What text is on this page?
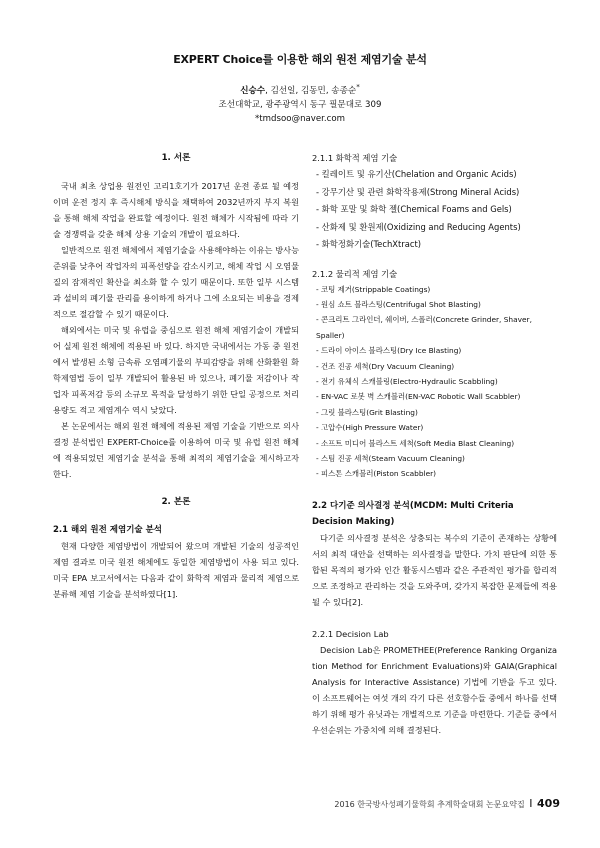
EXPERT Choice를 이용한 해외 원전 제염기술 분석
신승수, 김선일, 김동민, 송종순*
조선대학교, 광주광역시 동구 필문대로 309
*tmdsoo@naver.com
1. 서론

국내 최초 상업용 원전인 고리1호기가 2017년 운전 종료 될 예정이며 운전 정지 후 즉시해체 방식을 채택하여 2032년까지 부지 복원을 통해 해체 작업을 완료할 예정이다. 원전 해체가 시작됨에 따라 기술 경쟁력을 갖춘 해체 상용 기술의 개발이 필요하다.

일반적으로 원전 해체에서 제염기술을 사용해야하는 이유는 방사능 준위를 낮추어 작업자의 피폭선량을 감소시키고, 해체 작업 시 오염물질의 잠재적인 확산을 최소화 할 수 있기 때문이다. 또한 일부 시스템과 설비의 폐기물 관리를 용이하게 하거나 그에 소요되는 비용을 경제적으로 절감할 수 있기 때문이다.

해외에서는 미국 및 유럽을 중심으로 원전 해체 제염기술이 개발되어 실제 원전 해체에 적용된 바 있다. 하지만 국내에서는 가동 중 원전에서 발생된 소형 금속류 오염폐기물의 부피감량을 위해 산화환원 화학제염법 등이 일부 개발되어 활용된 바 있으나, 폐기물 저감이나 작업자 피폭저감 등의 소규모 목적을 달성하기 위한 단일 공정으로 처리용량도 적고 제염계수 역시 낮았다.

본 논문에서는 해외 원전 해체에 적용된 제염 기술을 기반으로 의사결정 분석법인 EXPERT-Choice를 이용하여 미국 및 유럽 원전 해체에 적용되었던 제염기술 분석을 통해 최적의 제염기술을 제시하고자 한다.

2. 본론
2.1 해외 원전 제염기술 분석

현재 다양한 제염방법이 개발되어 왔으며 개발된 기술의 성공적인 제염 결과로 미국 원전 해체에도 동일한 제염방법이 사용 되고 있다. 미국 EPA 보고서에서는 다음과 같이 화학적 제염과 물리적 제염으로 분류해 제염 기술을 분석하였다[1].

2.1.1 화학적 제염 기술
- 킬레이트 및 유기산(Chelation and Organic Acids)
- 강무기산 및 관련 화학작용제(Strong Mineral Acids)
- 화학 포말 및 화학 젤(Chemical Foams and Gels)
- 산화제 및 환원제(Oxidizing and Reducing Agents)
- 화학정화기술(TechXtract)
2.1.2 물리적 제염 기술
- 코팅 제거(Strippable Coatings)
- 원심 쇼트 블라스팅(Centrifugal Shot Blasting)
- 콘크리트 그라인더, 쉐이버, 스폴러(Concrete Grinder, Shaver, Spaller)
- 드라이 아이스 블라스팅(Dry Ice Blasting)
- 건조 진공 세척(Dry Vacuum Cleaning)
- 전기 유체식 스캐블링(Electro-Hydraulic Scabbling)
- EN-VAC 로봇 벽 스캐블러(EN-VAC Robotic Wall Scabbler)
- 그릿 블라스팅(Grit Blasting)
- 고압수(High Pressure Water)
- 소프트 미디어 블라스트 세척(Soft Media Blast Cleaning)
- 스팀 진공 세척(Steam Vacuum Cleaning)
- 피스톤 스캐블러(Piston Scabbler)
2.2 다기준 의사결정 분석(MCDM: Multi Criteria Decision Making)

다기준 의사결정 분석은 상충되는 복수의 기준이 존재하는 상황에서의 최적 대안을 선택하는 의사결정을 말한다. 가치 판단에 의한 통합된 목적의 평가와 인간 활동시스템과 같은 주관적인 평가를 합리적으로 조정하고 관리하는 것을 도와주며, 갖가지 복잡한 문제들에 적용될 수 있다[2].

2.2.1 Decision Lab

Decision Lab은 PROMETHEE(Preference Ranking Organization Method for Enrichment Evaluations)와 GAIA(Graphical Analysis for Interactive Assistance) 기법에 기반을 두고 있다. 이 소프트웨어는 여섯 개의 각기 다른 선호함수들 중에서 하나를 선택하기 위해 평가 유닛과는 개별적으로 기준을 마련한다. 기준들 중에서 우선순위는 가중치에 의해 결정된다.

2016 한국방사성폐기물학회 추계학술대회 논문요약집 I 409
